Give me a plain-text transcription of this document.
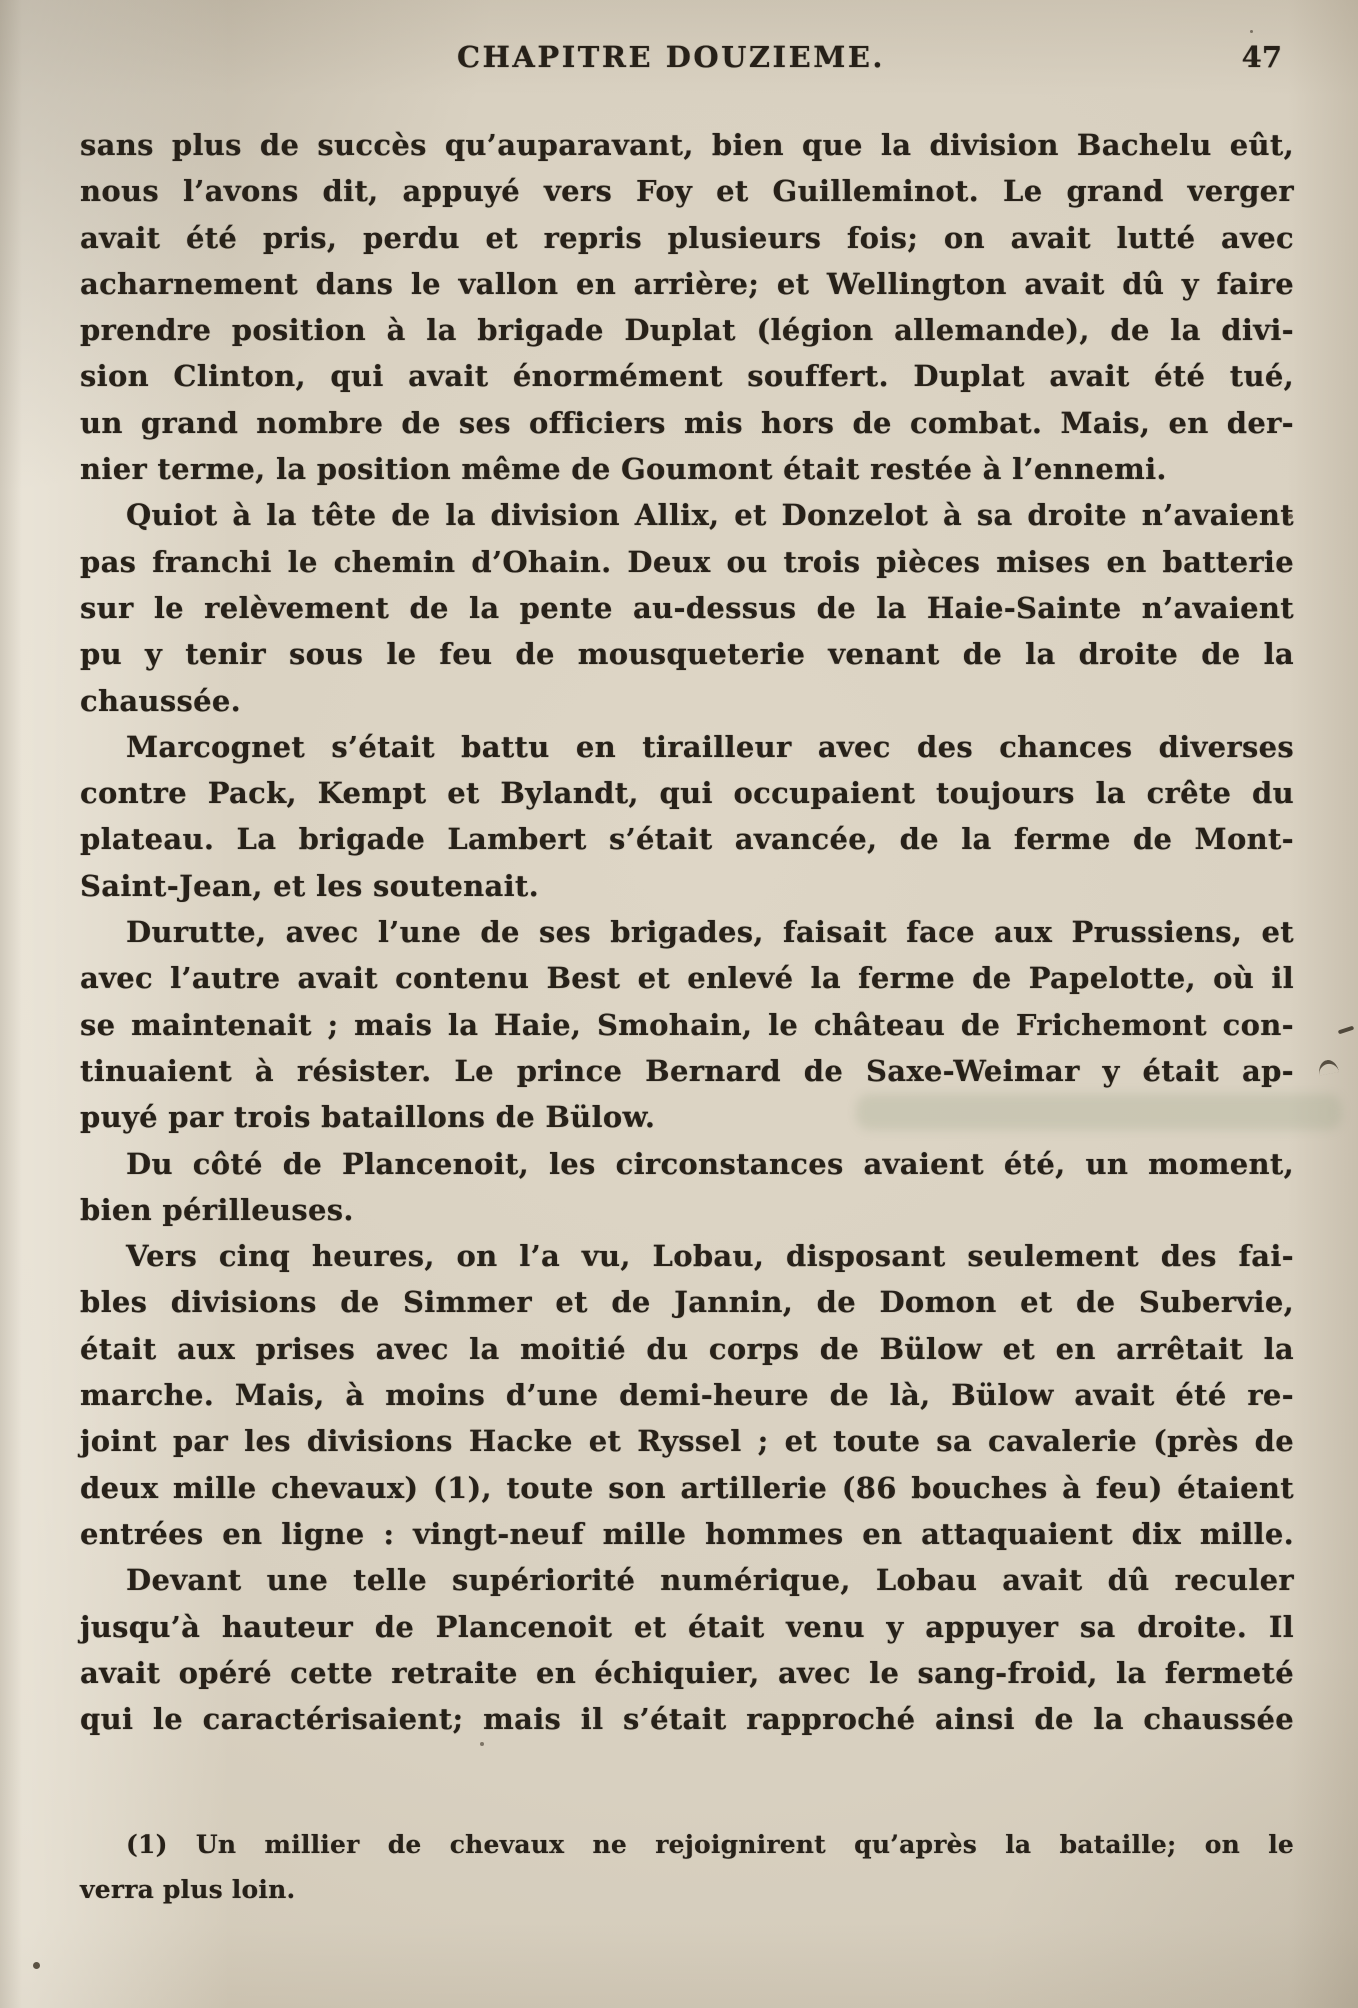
CHAPITRE DOUZIEME.	47
sans plus de succès qu’auparavant, bien que la division Bachelu eût,
nous l’avons dit, appuyé vers Foy et Guilleminot. Le grand verger
avait été pris, perdu et repris plusieurs fois; on avait lutté avec
acharnement dans le vallon en arrière; et Wellington avait dû y faire
prendre position à la brigade Duplat (légion allemande), de la divi-
sion Clinton, qui avait énormément souffert. Duplat avait été tué,
un grand nombre de ses officiers mis hors de combat. Mais, en der-
nier terme, la position même de Goumont était restée à l’ennemi.
Quiot à la tête de la division Allix, et Donzelot à sa droite n’avaient
pas franchi le chemin d’Ohain. Deux ou trois pièces mises en batterie
sur le relèvement de la pente au-dessus de la Haie-Sainte n’avaient
pu y tenir sous le feu de mousqueterie venant de la droite de la
chaussée.
Marcognet s’était battu en tirailleur avec des chances diverses
contre Pack, Kempt et Bylandt, qui occupaient toujours la crête du
plateau. La brigade Lambert s’était avancée, de la ferme de Mont-
Saint-Jean, et les soutenait.
Durutte, avec l’une de ses brigades, faisait face aux Prussiens, et
avec l’autre avait contenu Best et enlevé la ferme de Papelotte, où il
se maintenait ; mais la Haie, Smohain, le château de Frichemont con-
tinuaient à résister. Le prince Bernard de Saxe-Weimar y était ap-
puyé par trois bataillons de Bülow.
Du côté de Plancenoit, les circonstances avaient été, un moment,
bien périlleuses.
Vers cinq heures, on l’a vu, Lobau, disposant seulement des fai-
bles divisions de Simmer et de Jannin, de Domon et de Subervie,
était aux prises avec la moitié du corps de Bülow et en arrêtait la
marche. Mais, à moins d’une demi-heure de là, Bülow avait été re-
joint par les divisions Hacke et Ryssel ; et toute sa cavalerie (près de
deux mille chevaux) (1), toute son artillerie (86 bouches à feu) étaient
entrées en ligne : vingt-neuf mille hommes en attaquaient dix mille.
Devant une telle supériorité numérique, Lobau avait dû reculer
jusqu’à hauteur de Plancenoit et était venu y appuyer sa droite. Il
avait opéré cette retraite en échiquier, avec le sang-froid, la fermeté
qui le caractérisaient; mais il s’était rapproché ainsi de la chaussée
(1) Un millier de chevaux ne rejoignirent qu’après la bataille; on le
verra plus loin.
